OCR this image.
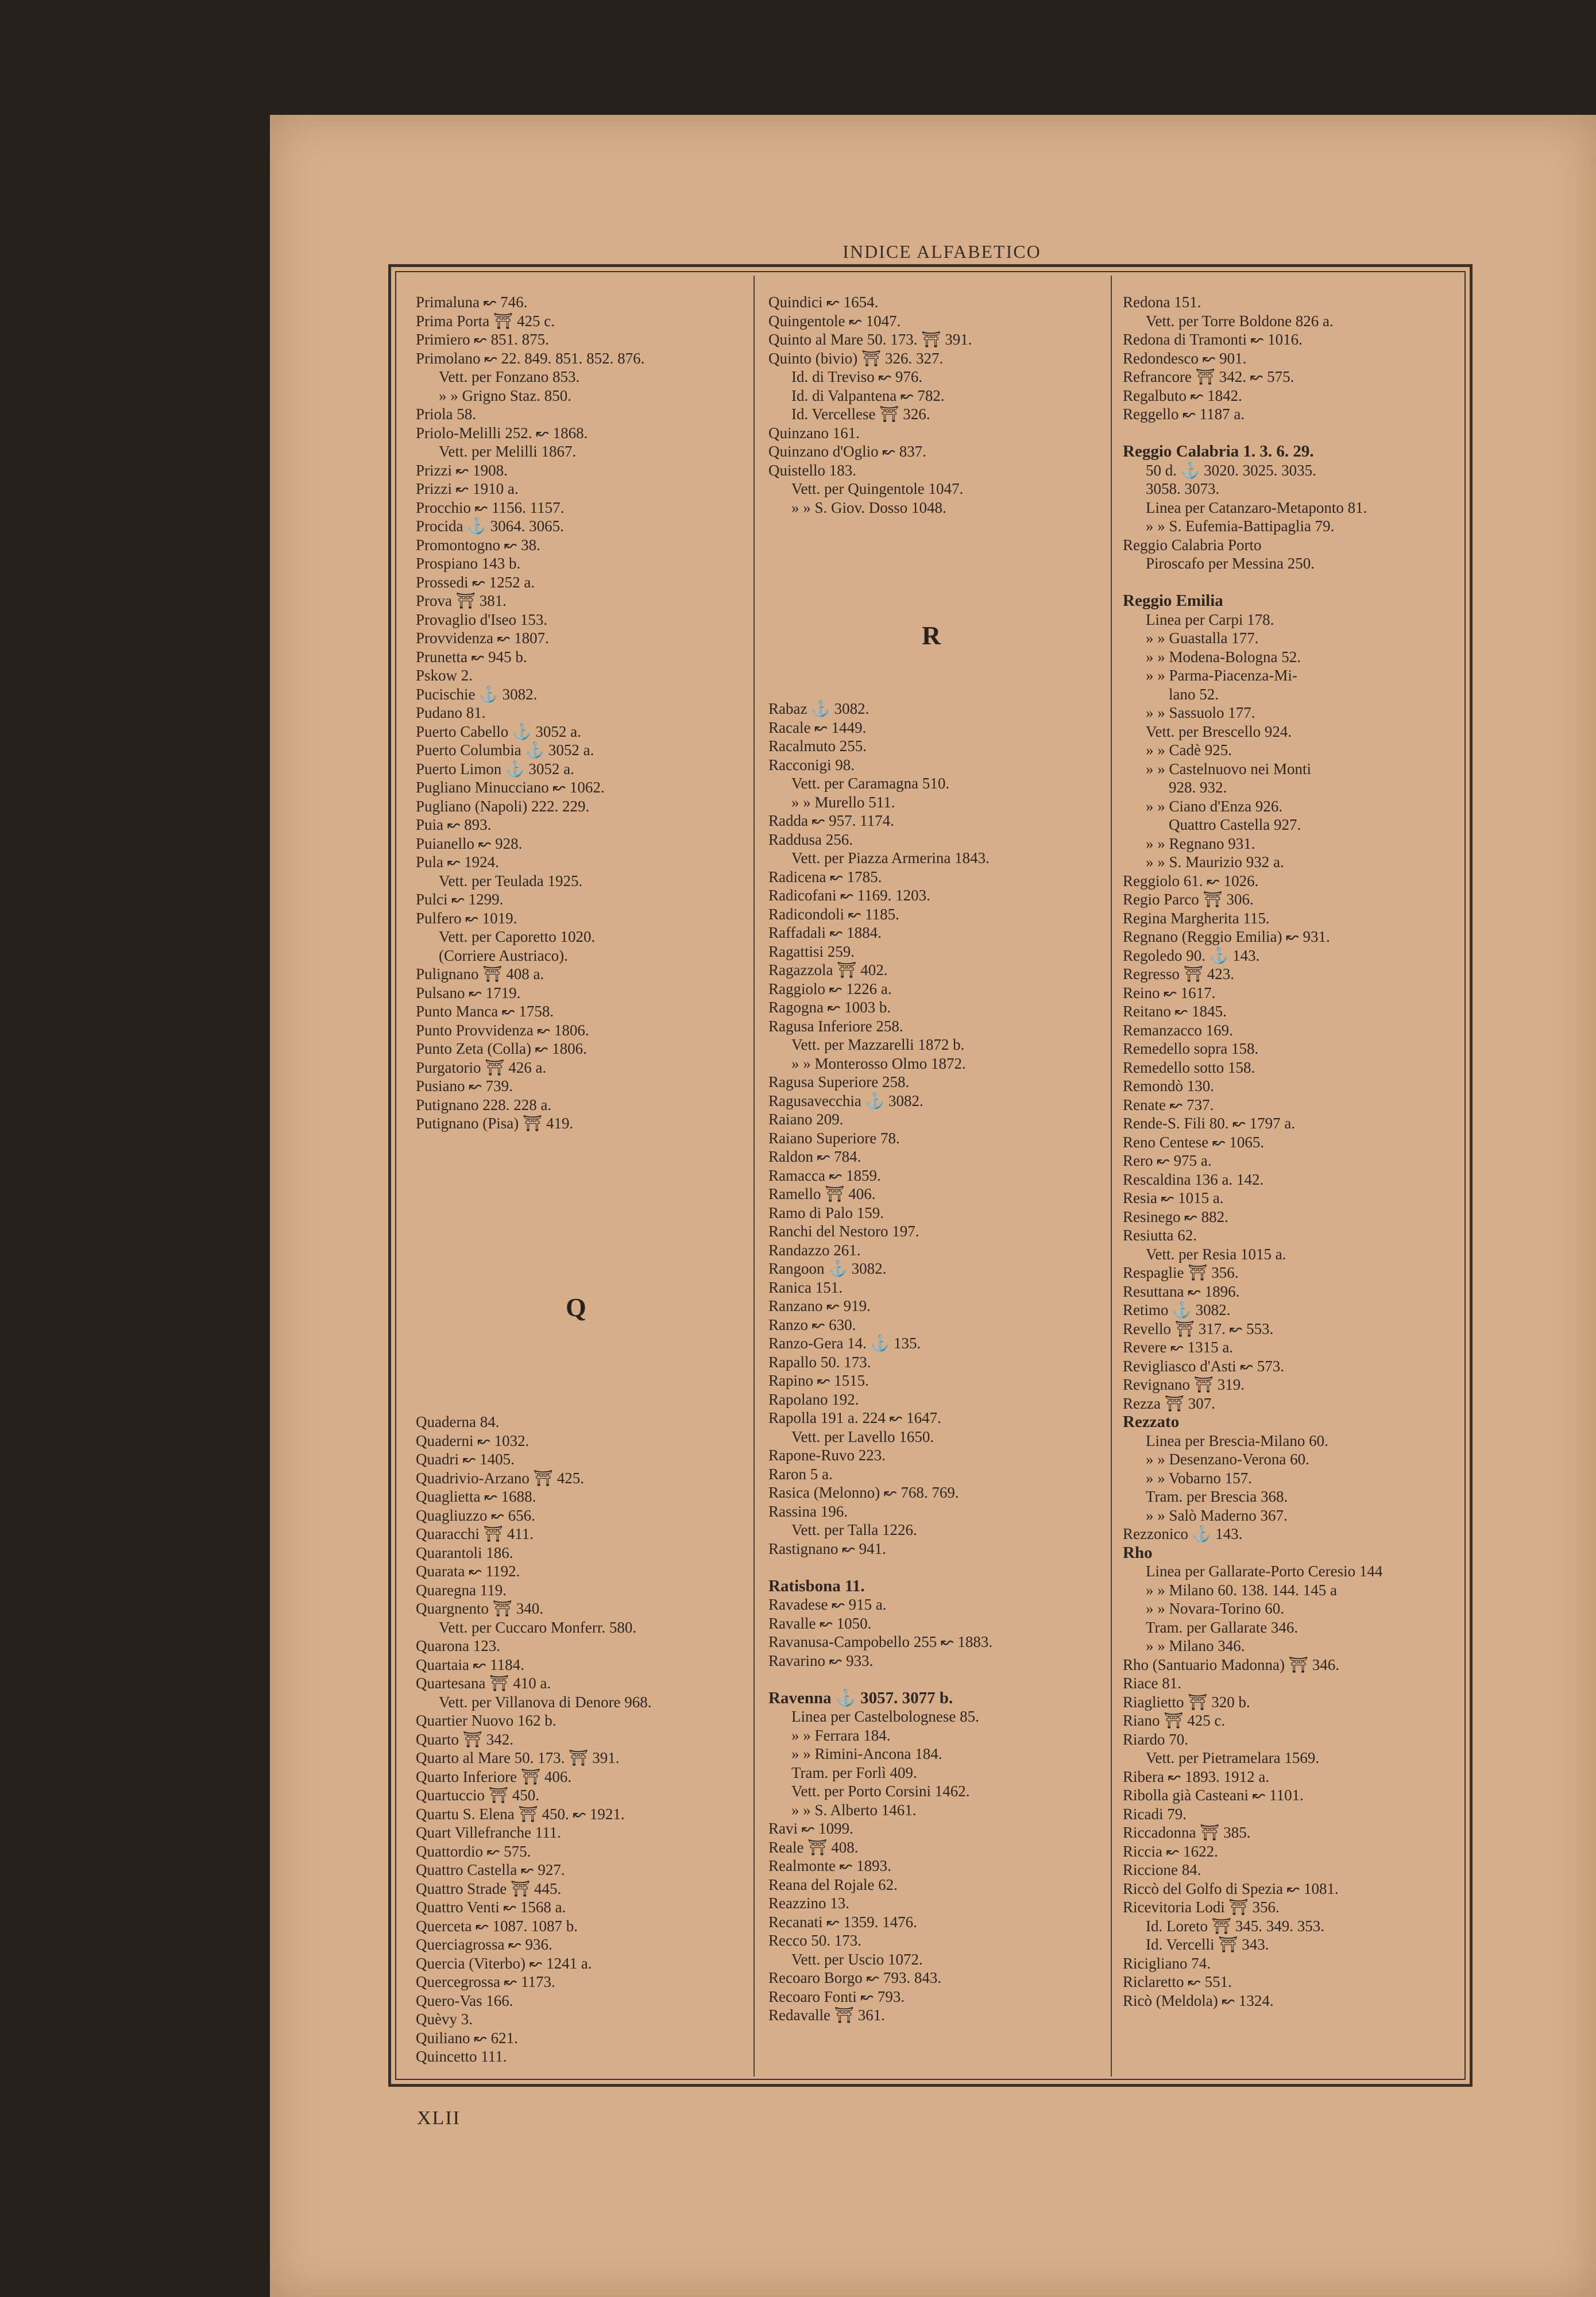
INDICE ALFABETICO
Primaluna ↜ 746.
Prima Porta ⛩ 425 c.
Primiero ↜ 851. 875.
Primolano ↜ 22. 849. 851. 852. 876.
Vett. per Fonzano 853.
» » Grigno Staz. 850.
Priola 58.
Priolo-Melilli 252. ↜ 1868.
Vett. per Melilli 1867.
Prizzi ↜ 1908.
Prizzi ↜ 1910 a.
Procchio ↜ 1156. 1157.
Procida ⚓ 3064. 3065.
Promontogno ↜ 38.
Prospiano 143 b.
Prossedi ↜ 1252 a.
Prova ⛩ 381.
Provaglio d'Iseo 153.
Provvidenza ↜ 1807.
Prunetta ↜ 945 b.
Pskow 2.
Pucischie ⚓ 3082.
Pudano 81.
Puerto Cabello ⚓ 3052 a.
Puerto Columbia ⚓ 3052 a.
Puerto Limon ⚓ 3052 a.
Pugliano Minucciano ↜ 1062.
Pugliano (Napoli) 222. 229.
Puia ↜ 893.
Puianello ↜ 928.
Pula ↜ 1924.
Vett. per Teulada 1925.
Pulci ↜ 1299.
Pulfero ↜ 1019.
Vett. per Caporetto 1020.
(Corriere Austriaco).
Pulignano ⛩ 408 a.
Pulsano ↜ 1719.
Punto Manca ↜ 1758.
Punto Provvidenza ↜ 1806.
Punto Zeta (Colla) ↜ 1806.
Purgatorio ⛩ 426 a.
Pusiano ↜ 739.
Putignano 228. 228 a.
Putignano (Pisa) ⛩ 419.
Q
Quaderna 84.
Quaderni ↜ 1032.
Quadri ↜ 1405.
Quadrivio-Arzano ⛩ 425.
Quaglietta ↜ 1688.
Quagliuzzo ↜ 656.
Quaracchi ⛩ 411.
Quarantoli 186.
Quarata ↜ 1192.
Quaregna 119.
Quargnento ⛩ 340.
Vett. per Cuccaro Monferr. 580.
Quarona 123.
Quartaia ↜ 1184.
Quartesana ⛩ 410 a.
Vett. per Villanova di Denore 968.
Quartier Nuovo 162 b.
Quarto ⛩ 342.
Quarto al Mare 50. 173. ⛩ 391.
Quarto Inferiore ⛩ 406.
Quartuccio ⛩ 450.
Quartu S. Elena ⛩ 450. ↜ 1921.
Quart Villefranche 111.
Quattordio ↜ 575.
Quattro Castella ↜ 927.
Quattro Strade ⛩ 445.
Quattro Venti ↜ 1568 a.
Querceta ↜ 1087. 1087 b.
Querciagrossa ↜ 936.
Quercia (Viterbo) ↜ 1241 a.
Quercegrossa ↜ 1173.
Quero-Vas 166.
Quèvy 3.
Quiliano ↜ 621.
Quincetto 111.
Quindici ↜ 1654.
Quingentole ↜ 1047.
Quinto al Mare 50. 173. ⛩ 391.
Quinto (bivio) ⛩ 326. 327.
Id. di Treviso ↜ 976.
Id. di Valpantena ↜ 782.
Id. Vercellese ⛩ 326.
Quinzano 161.
Quinzano d'Oglio ↜ 837.
Quistello 183.
Vett. per Quingentole 1047.
» » S. Giov. Dosso 1048.
R
Rabaz ⚓ 3082.
Racale ↜ 1449.
Racalmuto 255.
Racconigi 98.
Vett. per Caramagna 510.
» » Murello 511.
Radda ↜ 957. 1174.
Raddusa 256.
Vett. per Piazza Armerina 1843.
Radicena ↜ 1785.
Radicofani ↜ 1169. 1203.
Radicondoli ↜ 1185.
Raffadali ↜ 1884.
Ragattisi 259.
Ragazzola ⛩ 402.
Raggiolo ↜ 1226 a.
Ragogna ↜ 1003 b.
Ragusa Inferiore 258.
Vett. per Mazzarelli 1872 b.
» » Monterosso Olmo 1872.
Ragusa Superiore 258.
Ragusavecchia ⚓ 3082.
Raiano 209.
Raiano Superiore 78.
Raldon ↜ 784.
Ramacca ↜ 1859.
Ramello ⛩ 406.
Ramo di Palo 159.
Ranchi del Nestoro 197.
Randazzo 261.
Rangoon ⚓ 3082.
Ranica 151.
Ranzano ↜ 919.
Ranzo ↜ 630.
Ranzo-Gera 14. ⚓ 135.
Rapallo 50. 173.
Rapino ↜ 1515.
Rapolano 192.
Rapolla 191 a. 224 ↜ 1647.
Vett. per Lavello 1650.
Rapone-Ruvo 223.
Raron 5 a.
Rasica (Melonno) ↜ 768. 769.
Rassina 196.
Vett. per Talla 1226.
Rastignano ↜ 941.
Ratisbona 11.
Ravadese ↜ 915 a.
Ravalle ↜ 1050.
Ravanusa-Campobello 255 ↜ 1883.
Ravarino ↜ 933.
Ravenna ⚓ 3057. 3077 b.
Linea per Castelbolognese 85.
» » Ferrara 184.
» » Rimini-Ancona 184.
Tram. per Forlì 409.
Vett. per Porto Corsini 1462.
» » S. Alberto 1461.
Ravi ↜ 1099.
Reale ⛩ 408.
Realmonte ↜ 1893.
Reana del Rojale 62.
Reazzino 13.
Recanati ↜ 1359. 1476.
Recco 50. 173.
Vett. per Uscio 1072.
Recoaro Borgo ↜ 793. 843.
Recoaro Fonti ↜ 793.
Redavalle ⛩ 361.
Redona 151.
Vett. per Torre Boldone 826 a.
Redona di Tramonti ↜ 1016.
Redondesco ↜ 901.
Refrancore ⛩ 342. ↜ 575.
Regalbuto ↜ 1842.
Reggello ↜ 1187 a.
Reggio Calabria 1. 3. 6. 29.
50 d. ⚓ 3020. 3025. 3035.
3058. 3073.
Linea per Catanzaro-Metaponto 81.
» » S. Eufemia-Battipaglia 79.
Reggio Calabria Porto
Piroscafo per Messina 250.
Reggio Emilia
Linea per Carpi 178.
» » Guastalla 177.
» » Modena-Bologna 52.
» » Parma-Piacenza-Mi-
lano 52.
» » Sassuolo 177.
Vett. per Brescello 924.
» » Cadè 925.
» » Castelnuovo nei Monti
928. 932.
» » Ciano d'Enza 926.
Quattro Castella 927.
» » Regnano 931.
» » S. Maurizio 932 a.
Reggiolo 61. ↜ 1026.
Regio Parco ⛩ 306.
Regina Margherita 115.
Regnano (Reggio Emilia) ↜ 931.
Regoledo 90. ⚓ 143.
Regresso ⛩ 423.
Reino ↜ 1617.
Reitano ↜ 1845.
Remanzacco 169.
Remedello sopra 158.
Remedello sotto 158.
Remondò 130.
Renate ↜ 737.
Rende-S. Fili 80. ↜ 1797 a.
Reno Centese ↜ 1065.
Rero ↜ 975 a.
Rescaldina 136 a. 142.
Resia ↜ 1015 a.
Resinego ↜ 882.
Resiutta 62.
Vett. per Resia 1015 a.
Respaglie ⛩ 356.
Resuttana ↜ 1896.
Retimo ⚓ 3082.
Revello ⛩ 317. ↜ 553.
Revere ↜ 1315 a.
Revigliasco d'Asti ↜ 573.
Revignano ⛩ 319.
Rezza ⛩ 307.
Rezzato
Linea per Brescia-Milano 60.
» » Desenzano-Verona 60.
» » Vobarno 157.
Tram. per Brescia 368.
» » Salò Maderno 367.
Rezzonico ⚓ 143.
Rho
Linea per Gallarate-Porto Ceresio 144
» » Milano 60. 138. 144. 145 a
» » Novara-Torino 60.
Tram. per Gallarate 346.
» » Milano 346.
Rho (Santuario Madonna) ⛩ 346.
Riace 81.
Riaglietto ⛩ 320 b.
Riano ⛩ 425 c.
Riardo 70.
Vett. per Pietramelara 1569.
Ribera ↜ 1893. 1912 a.
Ribolla già Casteani ↜ 1101.
Ricadi 79.
Riccadonna ⛩ 385.
Riccia ↜ 1622.
Riccione 84.
Riccò del Golfo di Spezia ↜ 1081.
Ricevitoria Lodi ⛩ 356.
Id. Loreto ⛩ 345. 349. 353.
Id. Vercelli ⛩ 343.
Ricigliano 74.
Riclaretto ↜ 551.
Ricò (Meldola) ↜ 1324.
XLII
